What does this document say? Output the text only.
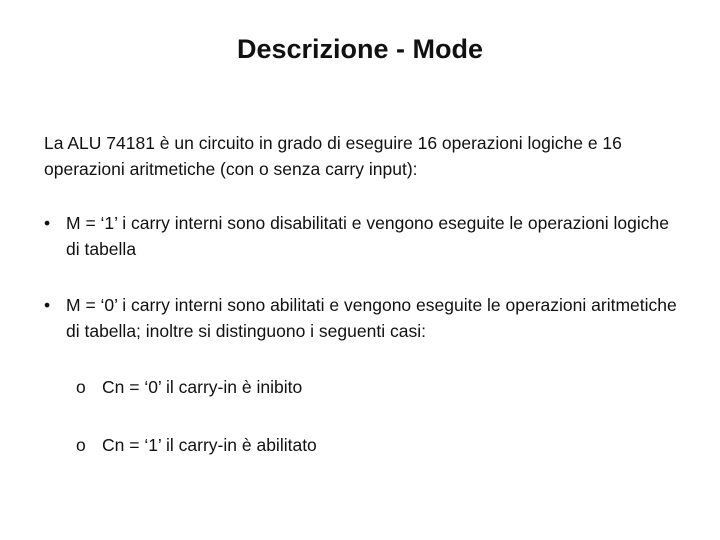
Descrizione - Mode
La ALU 74181 è un circuito in grado di eseguire 16 operazioni logiche e 16 operazioni aritmetiche (con o senza carry input):
• M = ‘1’ i carry interni sono disabilitati e vengono eseguite le operazioni logiche di tabella
• M = ‘0’ i carry interni sono abilitati e vengono eseguite le operazioni aritmetiche di tabella; inoltre si distinguono i seguenti casi:
o Cn = ‘0’ il carry-in è inibito
o Cn = ‘1’ il carry-in è abilitato
